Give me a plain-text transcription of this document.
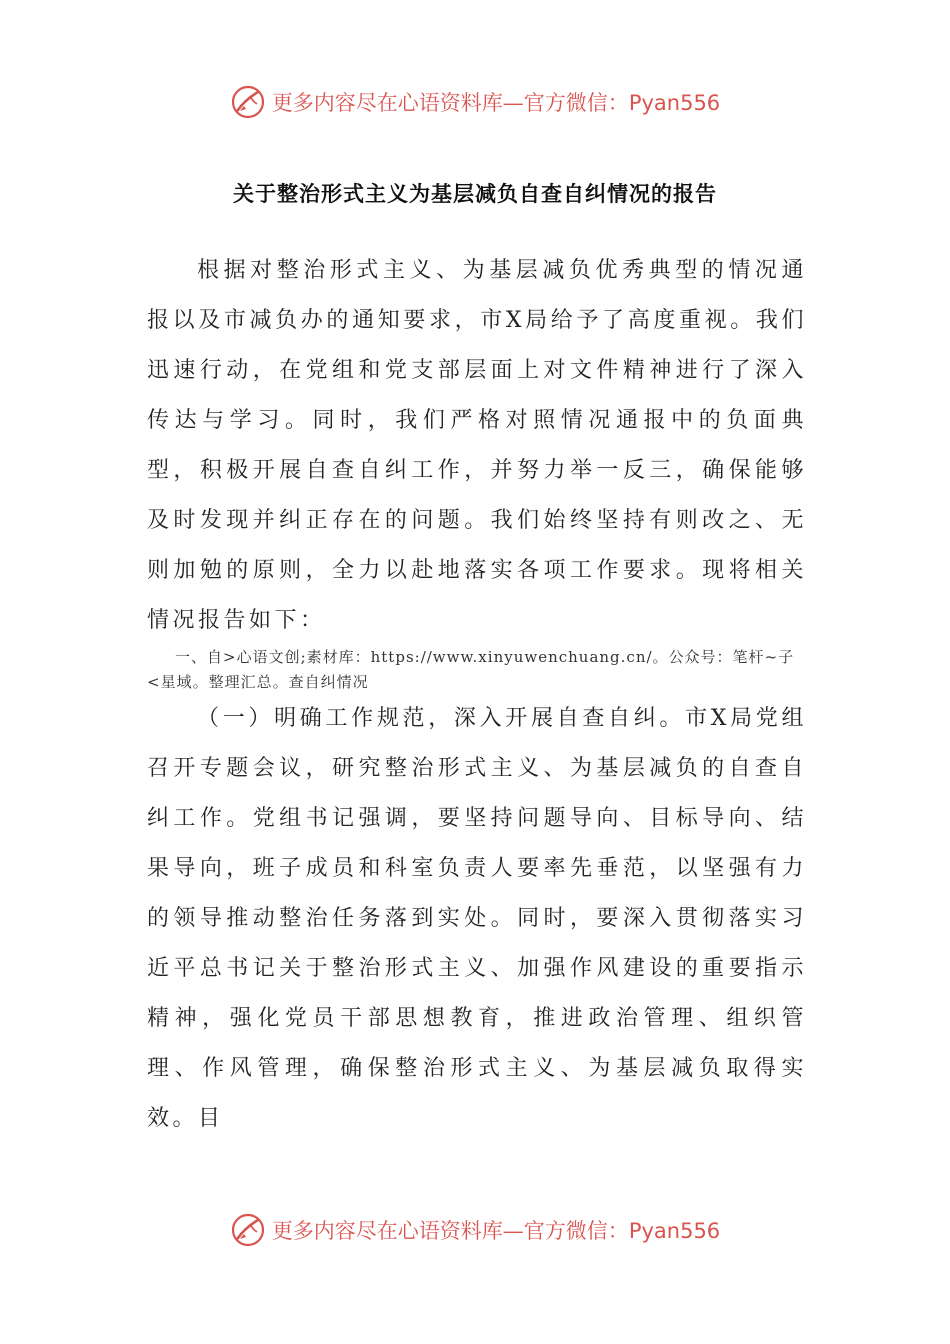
更多内容尽在心语资料库—官方微信：Pyan556
关于整治形式主义为基层减负自查自纠情况的报告

根据对整治形式主义、为基层减负优秀典型的情况通报以及市减负办的通知要求，市X局给予了高度重视。我们迅速行动，在党组和党支部层面上对文件精神进行了深入传达与学习。同时，我们严格对照情况通报中的负面典型，积极开展自查自纠工作，并努力举一反三，确保能够及时发现并纠正存在的问题。我们始终坚持有则改之、无则加勉的原则，全力以赴地落实各项工作要求。现将相关情况报告如下：

一、自>心语文创;素材库：https://www.xinyuwenchuang.cn/。公众号：笔杆~子<星域。整理汇总。查自纠情况

（一）明确工作规范，深入开展自查自纠。市X局党组召开专题会议，研究整治形式主义、为基层减负的自查自纠工作。党组书记强调，要坚持问题导向、目标导向、结果导向，班子成员和科室负责人要率先垂范，以坚强有力的领导推动整治任务落到实处。同时，要深入贯彻落实习近平总书记关于整治形式主义、加强作风建设的重要指示精神，强化党员干部思想教育，推进政治管理、组织管理、作风管理，确保整治形式主义、为基层减负取得实效。目

更多内容尽在心语资料库—官方微信：Pyan556
